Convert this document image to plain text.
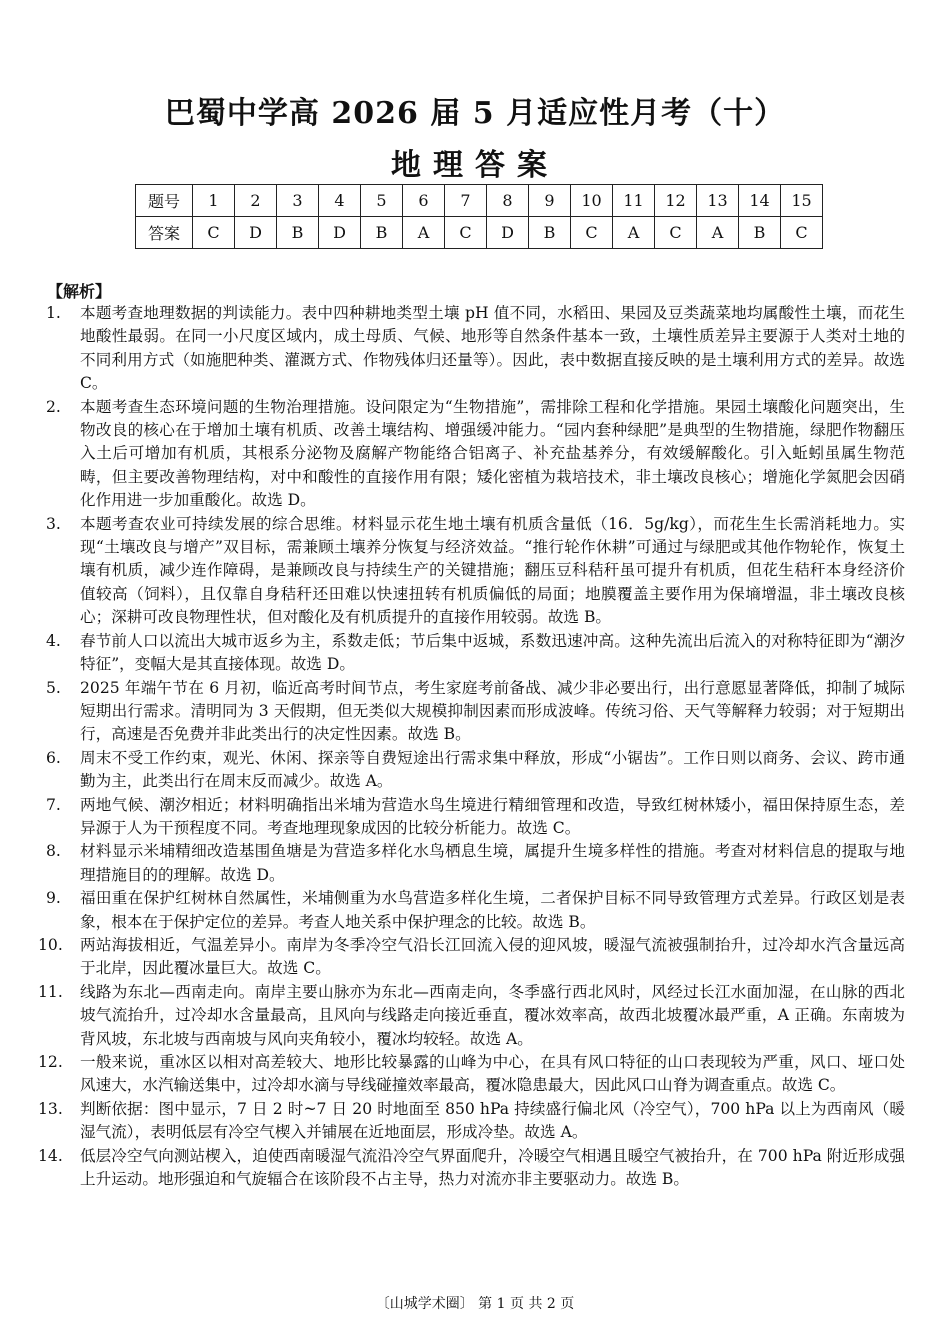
巴蜀中学高 2026 届 5 月适应性月考（十）
地理答案
题号	1	2	3	4	5	6	7	8	9	10	11	12	13	14	15
答案	C	D	B	D	B	A	C	D	B	C	A	C	A	B	C
【解析】
1.	本题考查地理数据的判读能力。表中四种耕地类型土壤 pH 值不同，水稻田、果园及豆类蔬菜地均属酸性土壤，而花生地酸性最弱。在同一小尺度区域内，成土母质、气候、地形等自然条件基本一致，土壤性质差异主要源于人类对土地的不同利用方式（如施肥种类、灌溉方式、作物残体归还量等）。因此，表中数据直接反映的是土壤利用方式的差异。故选 C。
2.	本题考查生态环境问题的生物治理措施。设问限定为“生物措施”，需排除工程和化学措施。果园土壤酸化问题突出，生物改良的核心在于增加土壤有机质、改善土壤结构、增强缓冲能力。“园内套种绿肥”是典型的生物措施，绿肥作物翻压入土后可增加有机质，其根系分泌物及腐解产物能络合铝离子、补充盐基养分，有效缓解酸化。引入蚯蚓虽属生物范畴，但主要改善物理结构，对中和酸性的直接作用有限；矮化密植为栽培技术，非土壤改良核心；增施化学氮肥会因硝化作用进一步加重酸化。故选 D。
3.	本题考查农业可持续发展的综合思维。材料显示花生地土壤有机质含量低（16．5g/kg），而花生生长需消耗地力。实现“土壤改良与增产”双目标，需兼顾土壤养分恢复与经济效益。“推行轮作休耕”可通过与绿肥或其他作物轮作，恢复土壤有机质，减少连作障碍，是兼顾改良与持续生产的关键措施；翻压豆科秸秆虽可提升有机质，但花生秸秆本身经济价值较高（饲料），且仅靠自身秸秆还田难以快速扭转有机质偏低的局面；地膜覆盖主要作用为保墒增温，非土壤改良核心；深耕可改良物理性状，但对酸化及有机质提升的直接作用较弱。故选 B。
4.	春节前人口以流出大城市返乡为主，系数走低；节后集中返城，系数迅速冲高。这种先流出后流入的对称特征即为“潮汐特征”，变幅大是其直接体现。故选 D。
5.	2025 年端午节在 6 月初，临近高考时间节点，考生家庭考前备战、减少非必要出行，出行意愿显著降低，抑制了城际短期出行需求。清明同为 3 天假期，但无类似大规模抑制因素而形成波峰。传统习俗、天气等解释力较弱；对于短期出行，高速是否免费并非此类出行的决定性因素。故选 B。
6.	周末不受工作约束，观光、休闲、探亲等自费短途出行需求集中释放，形成“小锯齿”。工作日则以商务、会议、跨市通勤为主，此类出行在周末反而减少。故选 A。
7.	两地气候、潮汐相近；材料明确指出米埔为营造水鸟生境进行精细管理和改造，导致红树林矮小，福田保持原生态，差异源于人为干预程度不同。考查地理现象成因的比较分析能力。故选 C。
8.	材料显示米埔精细改造基围鱼塘是为营造多样化水鸟栖息生境，属提升生境多样性的措施。考查对材料信息的提取与地理措施目的的理解。故选 D。
9.	福田重在保护红树林自然属性，米埔侧重为水鸟营造多样化生境，二者保护目标不同导致管理方式差异。行政区划是表象，根本在于保护定位的差异。考查人地关系中保护理念的比较。故选 B。
10.	两站海拔相近，气温差异小。南岸为冬季冷空气沿长江回流入侵的迎风坡，暖湿气流被强制抬升，过冷却水汽含量远高于北岸，因此覆冰量巨大。故选 C。
11.	线路为东北—西南走向。南岸主要山脉亦为东北—西南走向，冬季盛行西北风时，风经过长江水面加湿，在山脉的西北坡气流抬升，过冷却水含量最高，且风向与线路走向接近垂直，覆冰效率高，故西北坡覆冰最严重，A 正确。东南坡为背风坡，东北坡与西南坡与风向夹角较小，覆冰均较轻。故选 A。
12.	一般来说，重冰区以相对高差较大、地形比较暴露的山峰为中心，在具有风口特征的山口表现较为严重，风口、垭口处风速大，水汽输送集中，过冷却水滴与导线碰撞效率最高，覆冰隐患最大，因此风口山脊为调查重点。故选 C。
13.	判断依据：图中显示，7 日 2 时~7 日 20 时地面至 850 hPa 持续盛行偏北风（冷空气），700 hPa 以上为西南风（暖湿气流），表明低层有冷空气楔入并铺展在近地面层，形成冷垫。故选 A。
14.	低层冷空气向测站楔入，迫使西南暖湿气流沿冷空气界面爬升，冷暖空气相遇且暖空气被抬升，在 700 hPa 附近形成强上升运动。地形强迫和气旋辐合在该阶段不占主导，热力对流亦非主要驱动力。故选 B。
〔山城学术圈〕 第 1 页 共 2 页
